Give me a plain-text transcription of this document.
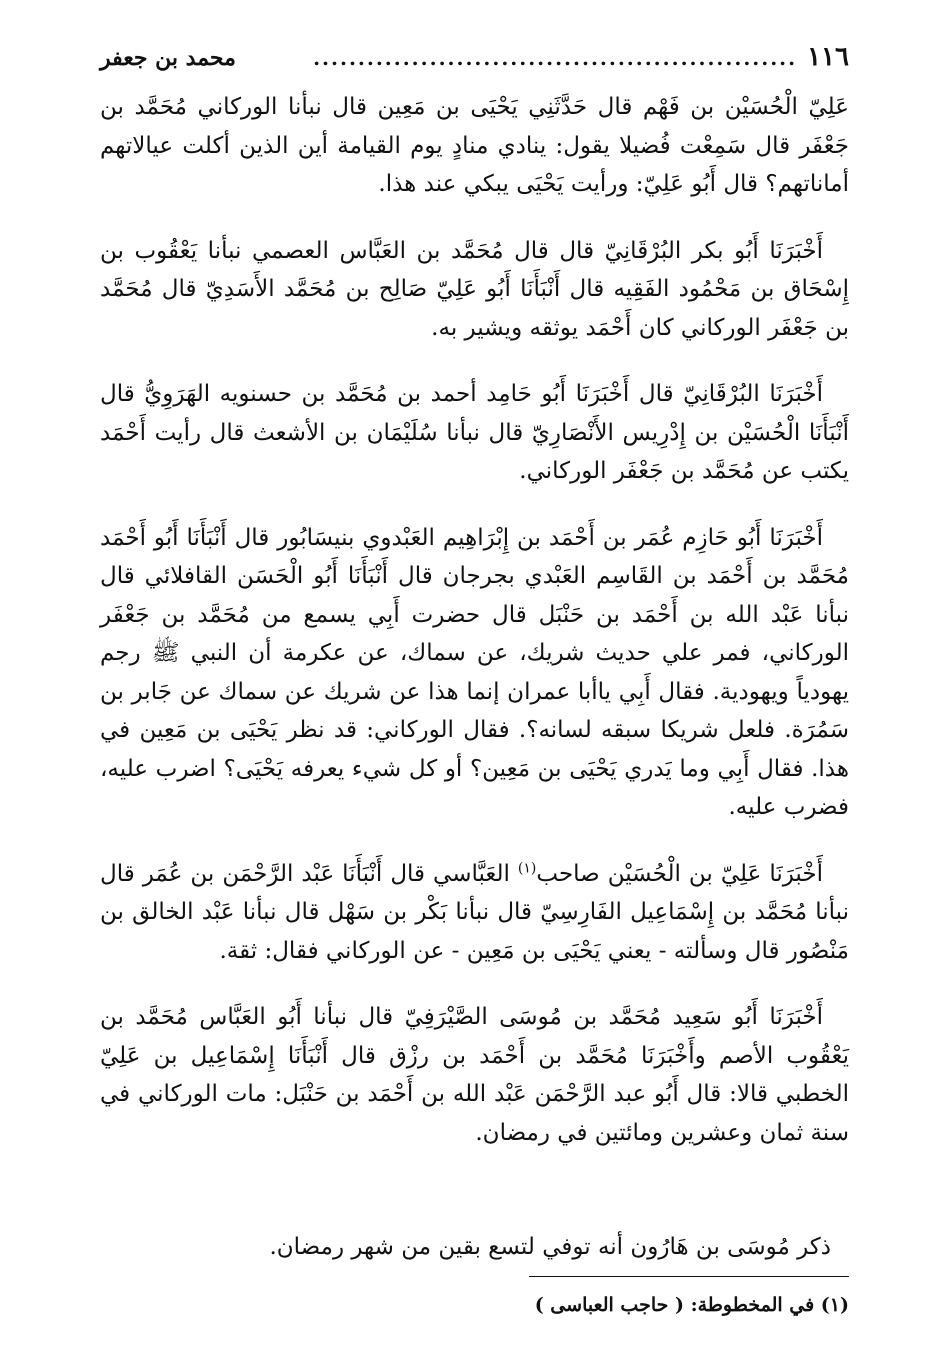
١١٦
......................................................
محمد بن جعفر

عَلِيّ الْحُسَيْن بن فَهْم قال حَدَّثَنِي يَحْيَى بن مَعِين قال نبأنا الوركاني مُحَمَّد بن جَعْفَر قال سَمِعْت فُضيلا يقول: ينادي منادٍ يوم القيامة أين الذين أكلت عيالاتهم أماناتهم؟ قال أَبُو عَلِيّ: ورأيت يَحْيَى يبكي عند هذا.

أَخْبَرَنَا أَبُو بكر البُرْقَانِيّ قال قال مُحَمَّد بن العَبَّاس العصمي نبأنا يَعْقُوب بن إِسْحَاق بن مَحْمُود الفَقِيه قال أَنْبَأَنَا أَبُو عَلِيّ صَالِح بن مُحَمَّد الأَسَدِيّ قال مُحَمَّد بن جَعْفَر الوركاني كان أَحْمَد يوثقه ويشير به.

أَخْبَرَنَا البُرْقَانِيّ قال أَخْبَرَنَا أَبُو حَامِد أحمد بن مُحَمَّد بن حسنويه الهَرَوِيُّ قال أَنْبَأَنَا الْحُسَيْن بن إِدْرِيس الأَنْصَارِيّ قال نبأنا سُلَيْمَان بن الأشعث قال رأيت أَحْمَد يكتب عن مُحَمَّد بن جَعْفَر الوركاني.

أَخْبَرَنَا أَبُو حَازِم عُمَر بن أَحْمَد بن إِبْرَاهِيم العَبْدوي بنيسَابُور قال أَنْبَأَنَا أَبُو أَحْمَد مُحَمَّد بن أَحْمَد بن القَاسِم العَبْدي بجرجان قال أَنْبَأَنَا أَبُو الْحَسَن القافلائي قال نبأنا عَبْد الله بن أَحْمَد بن حَنْبَل قال حضرت أَبِي يسمع من مُحَمَّد بن جَعْفَر الوركاني، فمر علي حديث شريك، عن سماك، عن عكرمة أن النبي ﷺ رجم يهودياً ويهودية. فقال أَبِي ياأبا عمران إنما هذا عن شريك عن سماك عن جَابر بن سَمُرَة. فلعل شريكا سبقه لسانه؟. فقال الوركاني: قد نظر يَحْيَى بن مَعِين في هذا. فقال أَبِي وما يَدري يَحْيَى بن مَعِين؟ أو كل شيء يعرفه يَحْيَى؟ اضرب عليه، فضرب عليه.

أَخْبَرَنَا عَلِيّ بن الْحُسَيْن صاحب$^{(١)}$ العَبَّاسي قال أَنْبَأَنَا عَبْد الرَّحْمَن بن عُمَر قال نبأنا مُحَمَّد بن إِسْمَاعِيل الفَارِسِيّ قال نبأنا بَكْر بن سَهْل قال نبأنا عَبْد الخالق بن مَنْصُور قال وسألته - يعني يَحْيَى بن مَعِين - عن الوركاني فقال: ثقة.

أَخْبَرَنَا أَبُو سَعِيد مُحَمَّد بن مُوسَى الصَّيْرَفِيّ قال نبأنا أَبُو العَبَّاس مُحَمَّد بن يَعْقُوب الأصم وأَخْبَرَنَا مُحَمَّد بن أَحْمَد بن رزْق قال أَنْبَأَنَا إِسْمَاعِيل بن عَلِيّ الخطبي قالا: قال أَبُو عبد الرَّحْمَن عَبْد الله بن أَحْمَد بن حَنْبَل: مات الوركاني في سنة ثمان وعشرين ومائتين في رمضان.

ذكر مُوسَى بن هَارُون أنه توفي لتسع بقين من شهر رمضان.
(١) في المخطوطة: ( حاجب العباسى )
